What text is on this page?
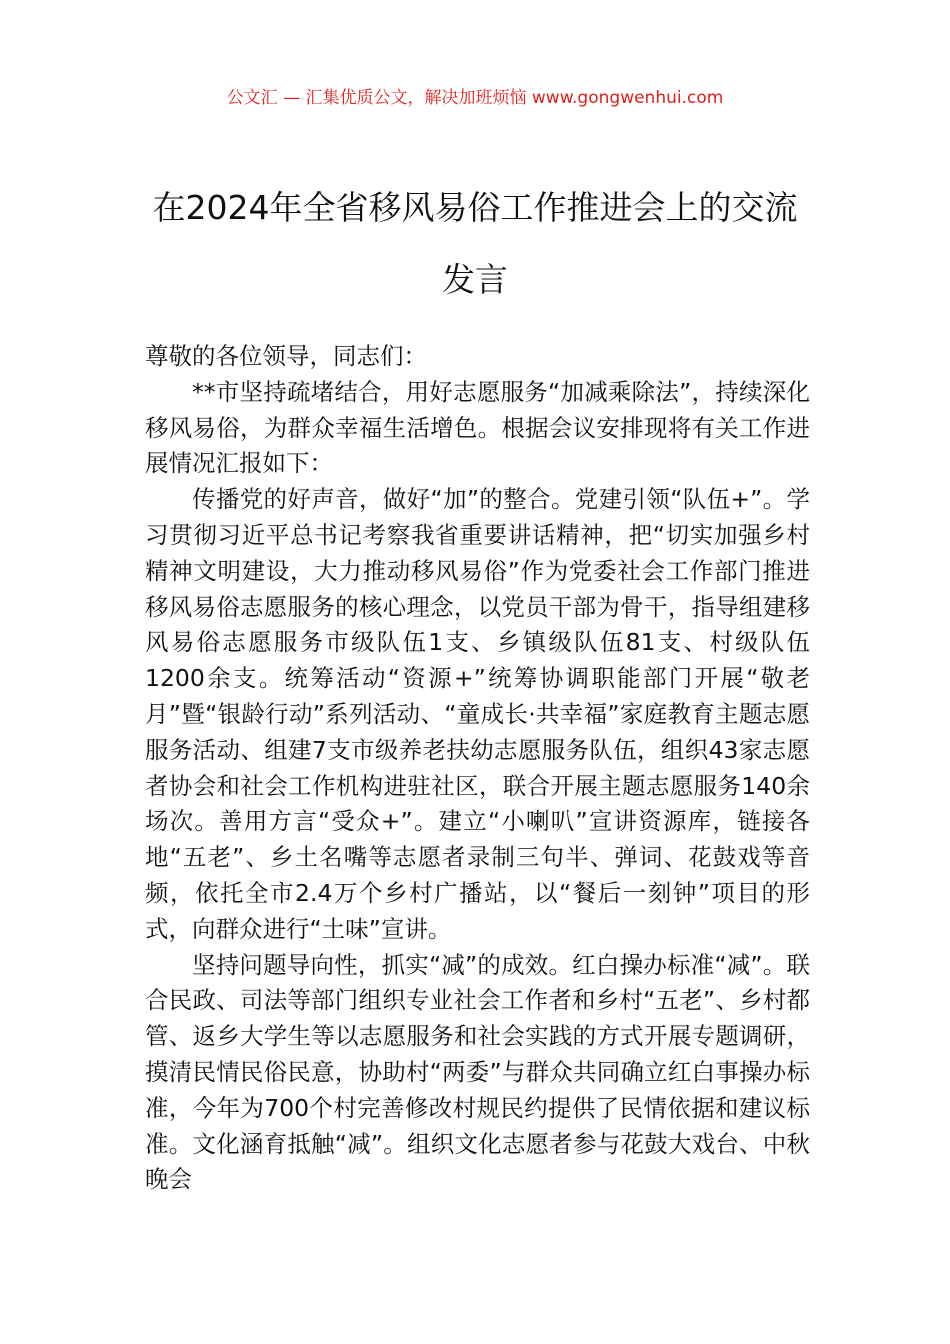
公文汇 — 汇集优质公文，解决加班烦恼 www.gongwenhui.com
在2024年全省移风易俗工作推进会上的交流发言

尊敬的各位领导，同志们：

**市坚持疏堵结合，用好志愿服务“加减乘除法”，持续深化移风易俗，为群众幸福生活增色。根据会议安排现将有关工作进展情况汇报如下：

传播党的好声音，做好“加”的整合。党建引领“队伍+”。学习贯彻习近平总书记考察我省重要讲话精神，把“切实加强乡村精神文明建设，大力推动移风易俗”作为党委社会工作部门推进移风易俗志愿服务的核心理念，以党员干部为骨干，指导组建移风易俗志愿服务市级队伍1支、乡镇级队伍81支、村级队伍1200余支。统筹活动“资源+”统筹协调职能部门开展“敬老月”暨“银龄行动”系列活动、“童成长·共幸福”家庭教育主题志愿服务活动、组建7支市级养老扶幼志愿服务队伍，组织43家志愿者协会和社会工作机构进驻社区，联合开展主题志愿服务140余场次。善用方言“受众+”。建立“小喇叭”宣讲资源库，链接各地“五老”、乡土名嘴等志愿者录制三句半、弹词、花鼓戏等音频，依托全市2.4万个乡村广播站，以“餐后一刻钟”项目的形式，向群众进行“土味”宣讲。

坚持问题导向性，抓实“减”的成效。红白操办标准“减”。联合民政、司法等部门组织专业社会工作者和乡村“五老”、乡村都管、返乡大学生等以志愿服务和社会实践的方式开展专题调研，摸清民情民俗民意，协助村“两委”与群众共同确立红白事操办标准，今年为700个村完善修改村规民约提供了民情依据和建议标准。文化涵育抵触“减”。组织文化志愿者参与花鼓大戏台、中秋晚会
